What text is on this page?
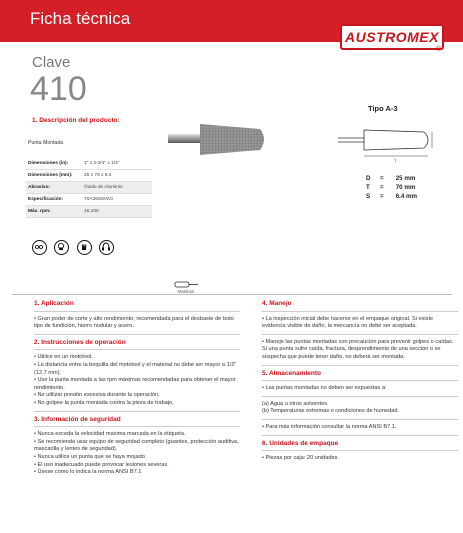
Ficha técnica
AUSTROMEX
®
Clave
410
1. Descripción del producto:
Punta Montada
Dimensiones (in):	1" x 2-3/4" x 1/4"
Dimensiones (mm):	25 x 70 x 6.4
Abrasivo:	Óxido de Aluminio
Especificación:	70A36S5VK0
Máx. rpm:	16,100
Tipo A-3
T
D = 25 mm
T = 70 mm
S = 6.4 mm

Mototool

1. Aplicación

• Gran poder de corte y alto rendimiento, recomendada para el desbaste de todo tipo de fundición, hierro nodular y acero.

2. Instrucciones de operación

• Utilice en un mototool.

• La distancia entre la boquilla del mototool y el material no debe ser mayor a 1/2" (12.7 mm).

• Use la punta montada a las rpm máximas recomendadas para obtener el mayor rendimiento.

• No utilizar presión excesiva durante la operación.

• No golpee la punta montada contra la pieza de trabajo.

3. Información de seguridad

• Nunca exceda la velocidad maxima marcada en la etiqueta.

• Se recomienda usar equipo de seguridad completo (guantes, protección auditiva, mascarilla y lentes de seguridad).

• Nunca utilice un punta que se haya mojado.

• El uso inadecuado puede provocar lesiones severas.

• Úsese como lo indica la norma ANSI B7.1

4. Manejo

• La inspección inicial debe hacerse en el empaque original. Si existe evidencia visible de daño, la mercancía no debe ser aceptada.

• Maneje las puntas montadas con precaución para prevenir golpes o caídas. Si una punta sufre caída, fractura, desprendimiento de una sección o se sospecha que puede tener daño, no deberá ser montada.

5. Almacenamiento

• Las puntas montadas no deben ser expuestas a:

(a) Agua u otros solventes.

(b) Temperaturas extremas o condiciones de humedad.

• Para más información consultar la norma ANSI B7.1.

6. Unidades de empaque

• Piezas por caja: 20 unidades.
